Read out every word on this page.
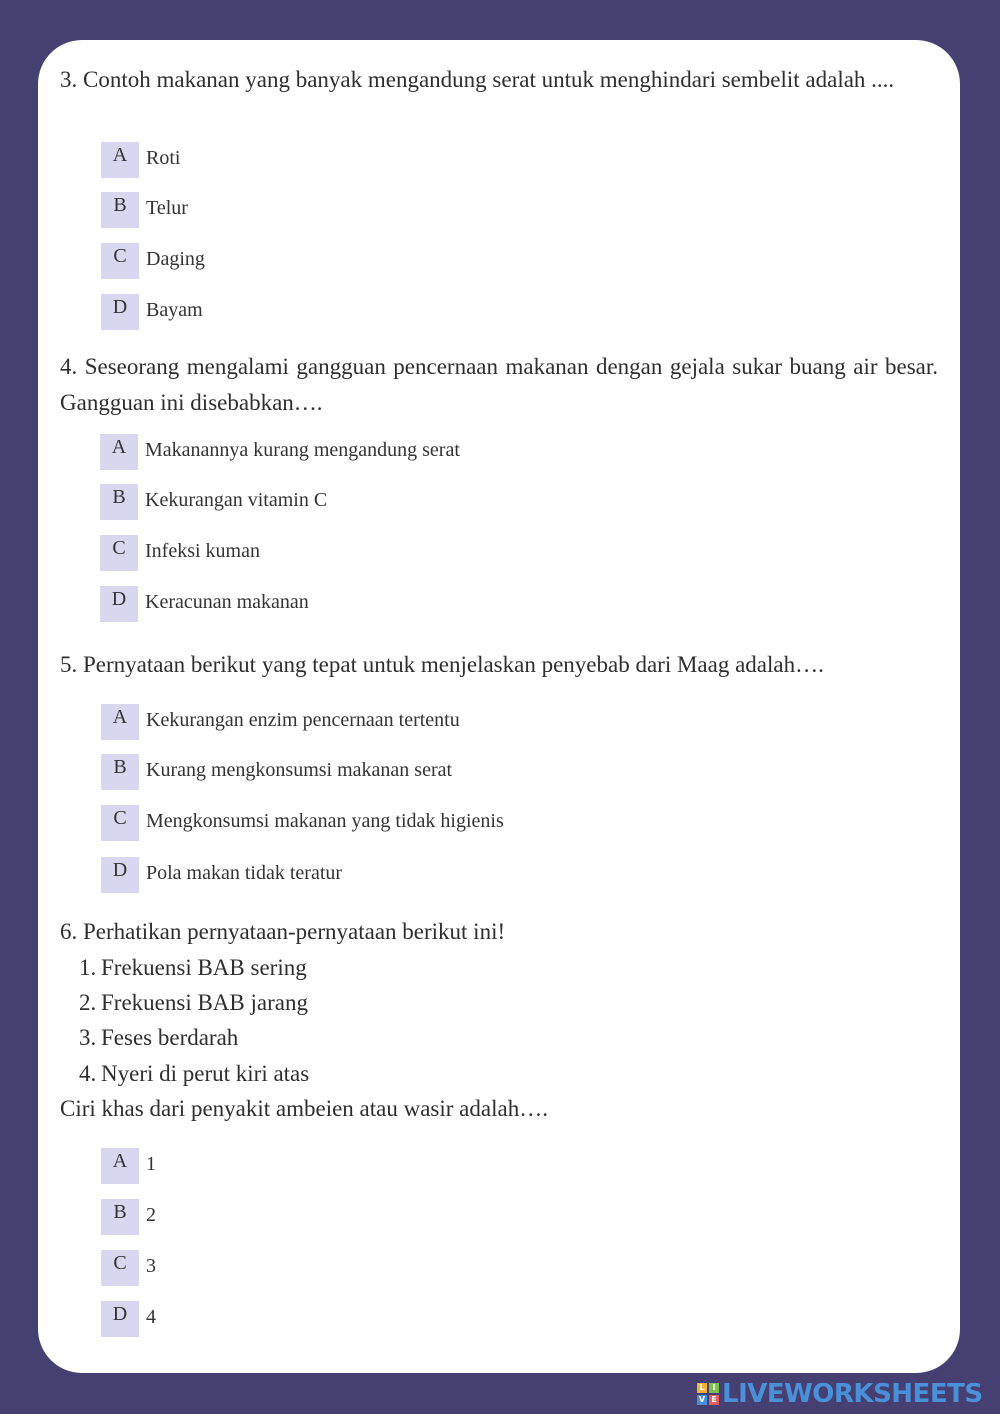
3. Contoh makanan yang banyak mengandung serat untuk menghindari sembelit adalah ....

A Roti
B Telur
C Daging
D Bayam

4. Seseorang mengalami gangguan pencernaan makanan dengan gejala sukar buang air besar. Gangguan ini disebabkan….

A Makanannya kurang mengandung serat
B Kekurangan vitamin C
C Infeksi kuman
D Keracunan makanan

5. Pernyataan berikut yang tepat untuk menjelaskan penyebab dari Maag adalah….

A Kekurangan enzim pencernaan tertentu
B Kurang mengkonsumsi makanan serat
C Mengkonsumsi makanan yang tidak higienis
D Pola makan tidak teratur

6. Perhatikan pernyataan-pernyataan berikut ini!

1. Frekuensi BAB sering
2. Frekuensi BAB jarang
3. Feses berdarah
4. Nyeri di perut kiri atas

Ciri khas dari penyakit ambeien atau wasir adalah….

A 1
B 2
C 3
D 4
L I
V E LIVEWORKSHEETS
